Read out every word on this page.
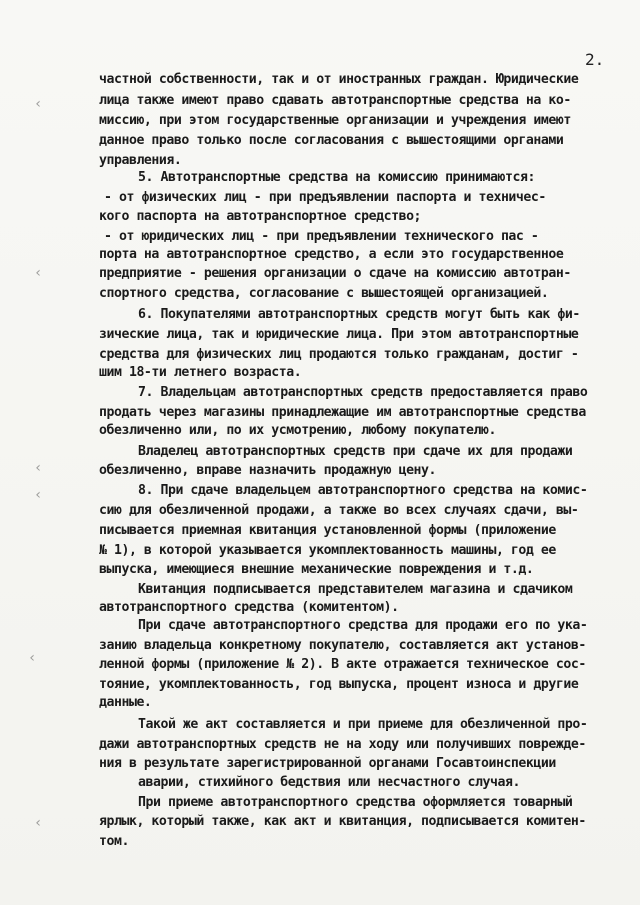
2.
‹
‹
‹
‹
‹
‹
частной собственности, так и от иностранных граждан. Юридические
лица также имеют право сдавать автотранспортные средства на ко-
миссию, при этом государственные организации и учреждения имеют
данное право только после согласования с вышестоящими органами
управления.
5. Автотранспортные средства на комиссию принимаются:
- от физических лиц - при предъявлении паспорта и техничес-
кого паспорта на автотранспортное средство;
- от юридических лиц - при предъявлении технического пас -
порта на автотранспортное средство, а если это государственное
предприятие - решения организации о сдаче на комиссию автотран-
спортного средства, согласование с вышестоящей организацией.
6. Покупателями автотранспортных средств могут быть как фи-
зические лица, так и юридические лица. При этом автотранспортные
средства для физических лиц продаются только гражданам, достиг -
шим 18-ти летнего возраста.
7. Владельцам автотранспортных средств предоставляется право
продать через магазины принадлежащие им автотранспортные средства
обезличенно или, по их усмотрению, любому покупателю.
Владелец автотранспортных средств при сдаче их для продажи
обезличенно, вправе назначить продажную цену.
8. При сдаче владельцем автотранспортного средства на комис-
сию для обезличенной продажи, а также во всех случаях сдачи, вы-
писывается приемная квитанция установленной формы (приложение
№ 1), в которой указывается укомплектованность машины, год ее
выпуска, имеющиеся внешние механические повреждения и т.д.
Квитанция подписывается представителем магазина и сдачиком
автотранспортного средства (комитентом).
При сдаче автотранспортного средства для продажи его по ука-
занию владельца конкретному покупателю, составляется акт установ-
ленной формы (приложение № 2). В акте отражается техническое сос-
тояние, укомплектованность, год выпуска, процент износа и другие
данные.
Такой же акт составляется и при приеме для обезличенной про-
дажи автотранспортных средств не на ходу или получивших поврежде-
ния в результате зарегистрированной органами Госавтоинспекции
аварии, стихийного бедствия или несчастного случая.
При приеме автотранспортного средства оформляется товарный
ярлык, который также, как акт и квитанция, подписывается комитен-
том.
